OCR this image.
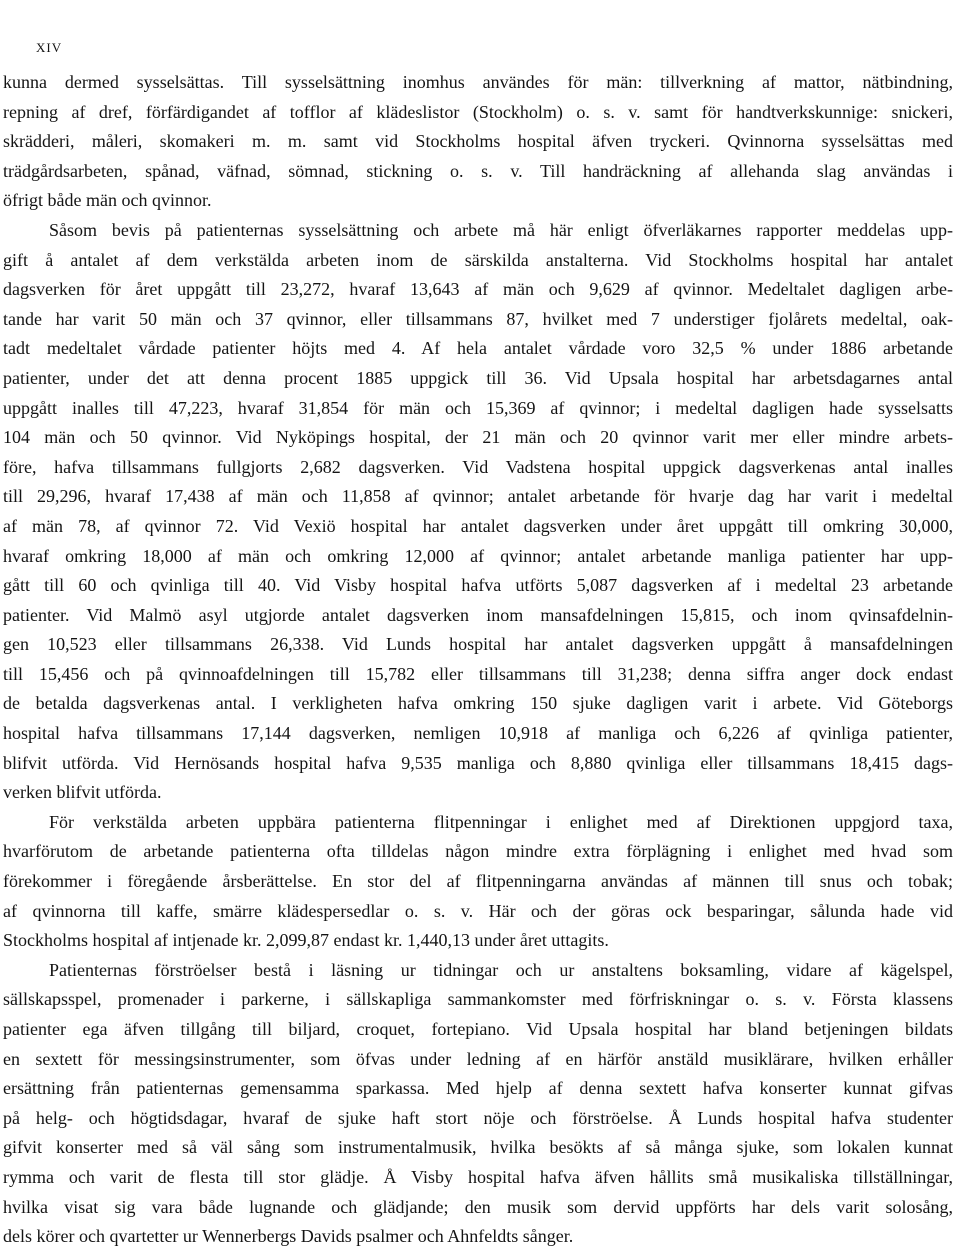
XIV
kunna dermed sysselsättas. Till sysselsättning inomhus användes för män: tillverkning af mattor, nätbindning,
repning af dref, förfärdigandet af tofflor af klädeslistor (Stockholm) o. s. v. samt för handtverkskunnige: snickeri,
skrädderi, måleri, skomakeri m. m. samt vid Stockholms hospital äfven tryckeri. Qvinnorna sysselsättas med
trädgårdsarbeten, spånad, väfnad, sömnad, stickning o. s. v. Till handräckning af allehanda slag användas i
öfrigt både män och qvinnor.
Såsom bevis på patienternas sysselsättning och arbete må här enligt öfverläkarnes rapporter meddelas upp-
gift å antalet af dem verkstälda arbeten inom de särskilda anstalterna. Vid Stockholms hospital har antalet
dagsverken för året uppgått till 23,272, hvaraf 13,643 af män och 9,629 af qvinnor. Medeltalet dagligen arbe-
tande har varit 50 män och 37 qvinnor, eller tillsammans 87, hvilket med 7 understiger fjolårets medeltal, oak-
tadt medeltalet vårdade patienter höjts med 4. Af hela antalet vårdade voro 32,5 % under 1886 arbetande
patienter, under det att denna procent 1885 uppgick till 36. Vid Upsala hospital har arbetsdagarnes antal
uppgått inalles till 47,223, hvaraf 31,854 för män och 15,369 af qvinnor; i medeltal dagligen hade sysselsatts
104 män och 50 qvinnor. Vid Nyköpings hospital, der 21 män och 20 qvinnor varit mer eller mindre arbets-
före, hafva tillsammans fullgjorts 2,682 dagsverken. Vid Vadstena hospital uppgick dagsverkenas antal inalles
till 29,296, hvaraf 17,438 af män och 11,858 af qvinnor; antalet arbetande för hvarje dag har varit i medeltal
af män 78, af qvinnor 72. Vid Vexiö hospital har antalet dagsverken under året uppgått till omkring 30,000,
hvaraf omkring 18,000 af män och omkring 12,000 af qvinnor; antalet arbetande manliga patienter har upp-
gått till 60 och qvinliga till 40. Vid Visby hospital hafva utförts 5,087 dagsverken af i medeltal 23 arbetande
patienter. Vid Malmö asyl utgjorde antalet dagsverken inom mansafdelningen 15,815, och inom qvinsafdelnin-
gen 10,523 eller tillsammans 26,338. Vid Lunds hospital har antalet dagsverken uppgått å mansafdelningen
till 15,456 och på qvinnoafdelningen till 15,782 eller tillsammans till 31,238; denna siffra anger dock endast
de betalda dagsverkenas antal. I verkligheten hafva omkring 150 sjuke dagligen varit i arbete. Vid Göteborgs
hospital hafva tillsammans 17,144 dagsverken, nemligen 10,918 af manliga och 6,226 af qvinliga patienter,
blifvit utförda. Vid Hernösands hospital hafva 9,535 manliga och 8,880 qvinliga eller tillsammans 18,415 dags-
verken blifvit utförda.
För verkstälda arbeten uppbära patienterna flitpenningar i enlighet med af Direktionen uppgjord taxa,
hvarförutom de arbetande patienterna ofta tilldelas någon mindre extra förplägning i enlighet med hvad som
förekommer i föregående årsberättelse. En stor del af flitpenningarna användas af männen till snus och tobak;
af qvinnorna till kaffe, smärre klädespersedlar o. s. v. Här och der göras ock besparingar, sålunda hade vid
Stockholms hospital af intjenade kr. 2,099,87 endast kr. 1,440,13 under året uttagits.
Patienternas förströelser bestå i läsning ur tidningar och ur anstaltens boksamling, vidare af kägelspel,
sällskapsspel, promenader i parkerne, i sällskapliga sammankomster med förfriskningar o. s. v. Första klassens
patienter ega äfven tillgång till biljard, croquet, fortepiano. Vid Upsala hospital har bland betjeningen bildats
en sextett för messingsinstrumenter, som öfvas under ledning af en härför anstäld musiklärare, hvilken erhåller
ersättning från patienternas gemensamma sparkassa. Med hjelp af denna sextett hafva konserter kunnat gifvas
på helg- och högtidsdagar, hvaraf de sjuke haft stort nöje och förströelse. Å Lunds hospital hafva studenter
gifvit konserter med så väl sång som instrumentalmusik, hvilka besökts af så många sjuke, som lokalen kunnat
rymma och varit de flesta till stor glädje. Å Visby hospital hafva äfven hållits små musikaliska tillställningar,
hvilka visat sig vara både lugnande och glädjande; den musik som dervid uppförts har dels varit solosång,
dels körer och qvartetter ur Wennerbergs Davids psalmer och Ahnfeldts sånger.
